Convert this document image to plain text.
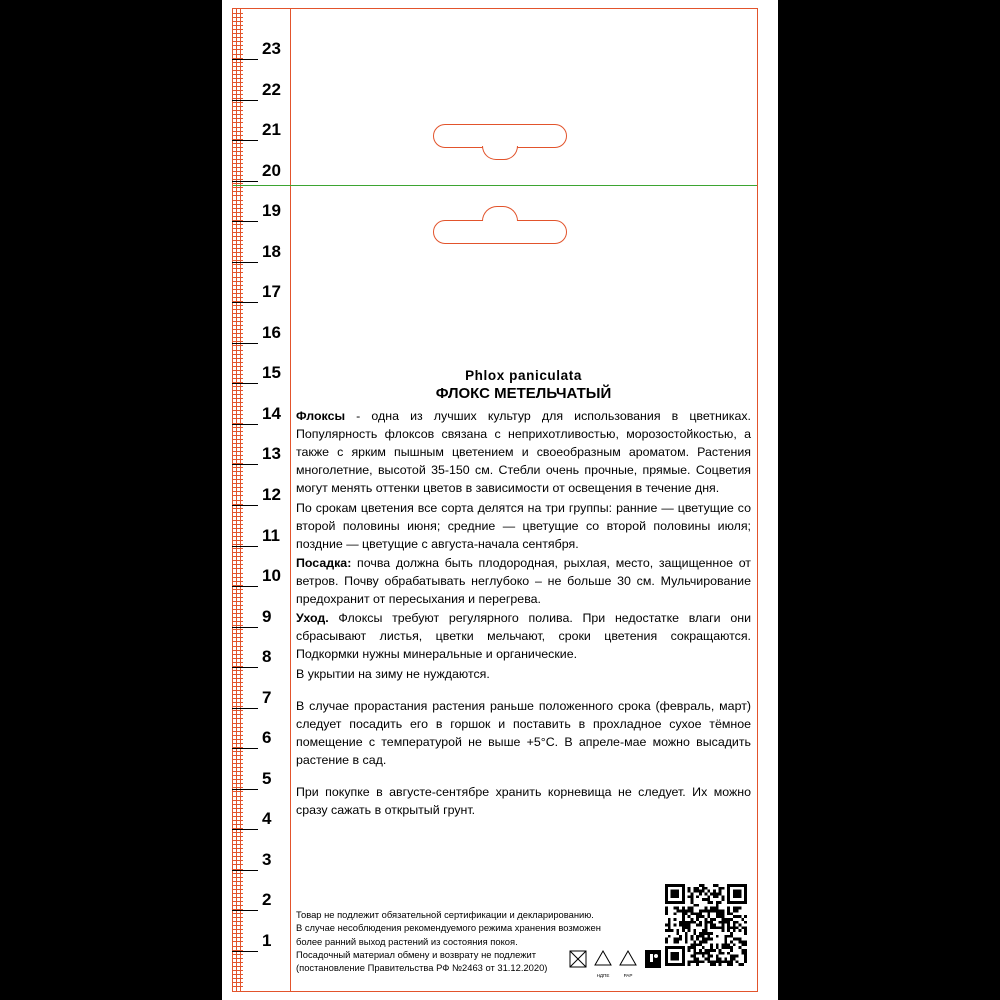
1
2
3
4
5
6
7
8
9
10
11
12
13
14
15
16
17
18
19
20
21
22
23
Phlox paniculata
ФЛОКС МЕТЕЛЬЧАТЫЙ
Флоксы - одна из лучших культур для использования в цветниках. Популярность флоксов связана с неприхотливостью, морозостойкостью, а также с ярким пышным цветением и своеобразным ароматом. Растения многолетние, высотой 35-150 см. Стебли очень прочные, прямые. Соцветия могут менять оттенки цветов в зависимости от освещения в течение дня.
По срокам цветения все сорта делятся на три группы: ранние — цветущие со второй половины июня; средние — цветущие со второй половины июля; поздние — цветущие с августа-начала сентября.
Посадка: почва должна быть плодородная, рыхлая, место, защищенное от ветров. Почву обрабатывать неглубоко – не больше 30 см. Мульчирование предохранит от пересыхания и перегрева.
Уход. Флоксы требуют регулярного полива. При недостатке влаги они сбрасывают листья, цветки мельчают, сроки цветения сокращаются. Подкормки нужны минеральные и органические.
В укрытии на зиму не нуждаются.
В случае прорастания растения раньше положенного срока (февраль, март) следует посадить его в горшок и поставить в прохладное сухое тёмное помещение с температурой не выше +5°С. В апреле-мае можно высадить растение в сад.
При покупке в августе-сентябре хранить корневища не следует. Их можно сразу сажать в открытый грунт.
Товар не подлежит обязательной сертификации и декларированию.
В случае несоблюдения рекомендуемого режима хранения возможен
более ранний выход растений из состояния покоя.
Посадочный материал обмену и возврату не подлежит
(постановление Правительства РФ №2463 от 31.12.2020)
НДПЕ	PAP
